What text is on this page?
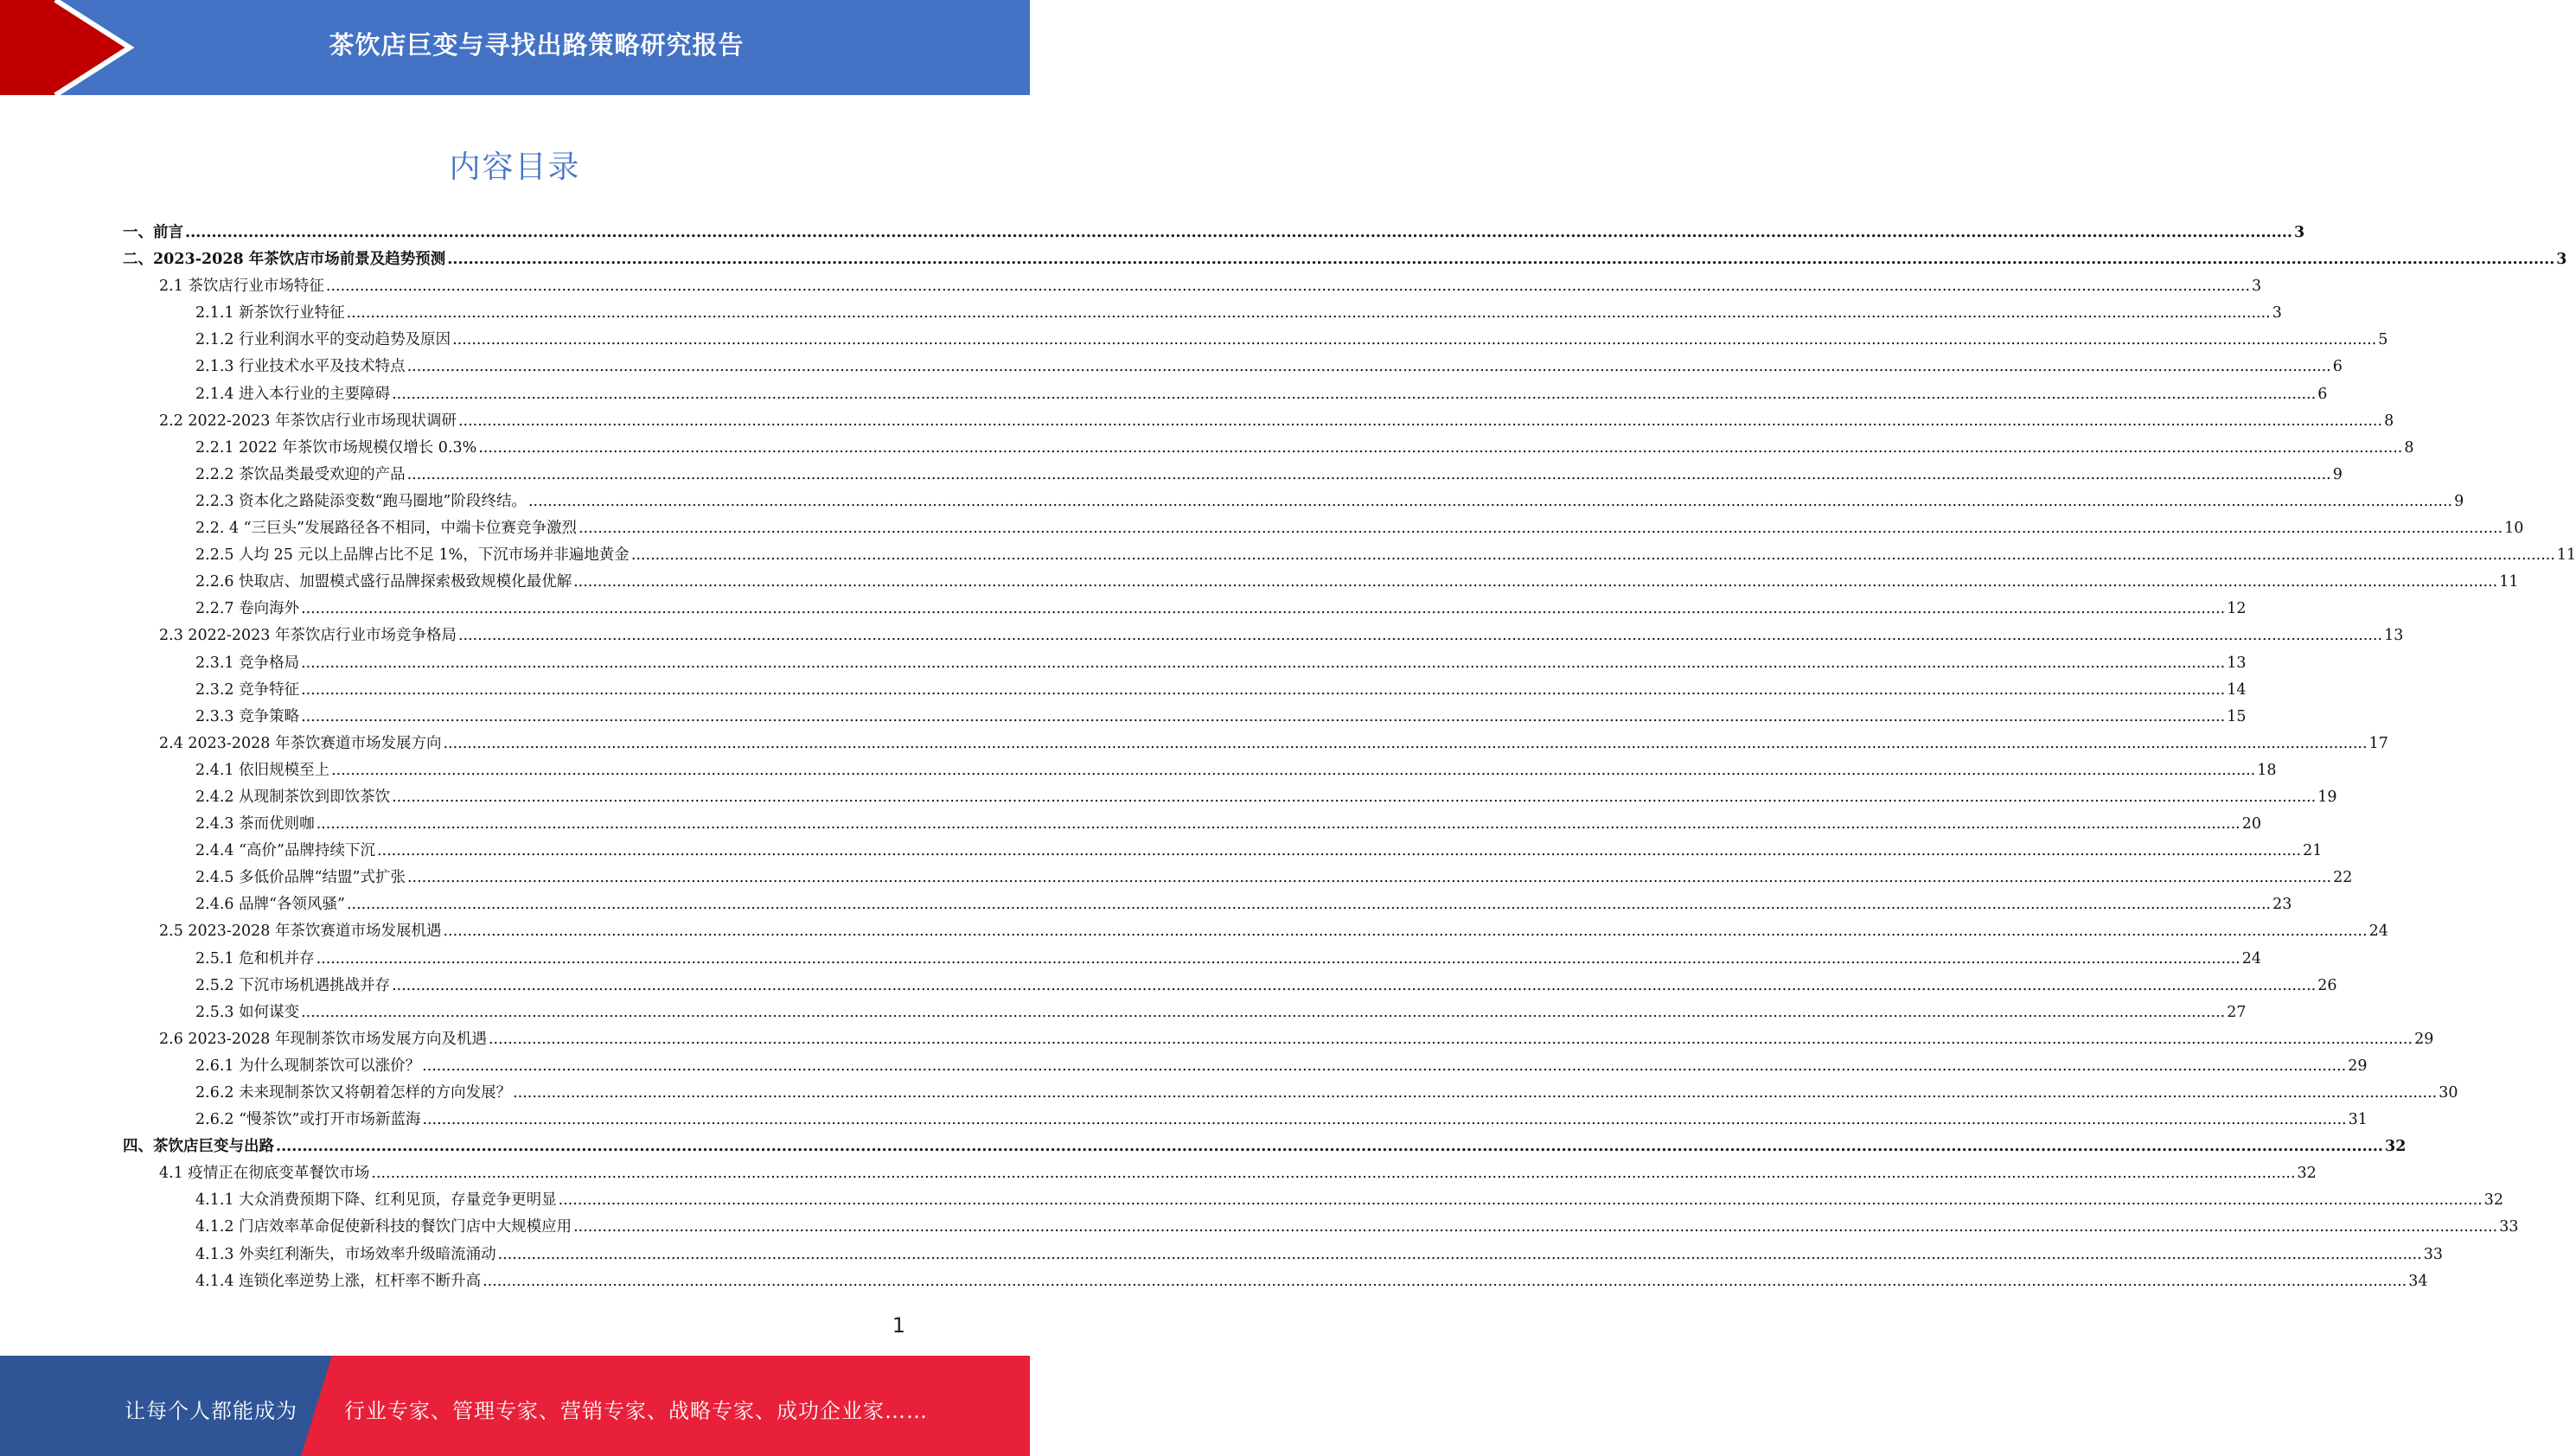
茶饮店巨变与寻找出路策略研究报告
内容目录
一、前言 ................................................................................................................................................................................................................................................................................................................................................................................................................ 3
二、2023-2028 年茶饮店市场前景及趋势预测 ................................................................................................................................................................................................................................................................................................................................................................................................................ 3
2.1 茶饮店行业市场特征 ................................................................................................................................................................................................................................................................................................................................................................................................................ 3
2.1.1 新茶饮行业特征 ................................................................................................................................................................................................................................................................................................................................................................................................................ 3
2.1.2 行业利润水平的变动趋势及原因 ................................................................................................................................................................................................................................................................................................................................................................................................................ 5
2.1.3 行业技术水平及技术特点 ................................................................................................................................................................................................................................................................................................................................................................................................................ 6
2.1.4 进入本行业的主要障碍 ................................................................................................................................................................................................................................................................................................................................................................................................................ 6
2.2 2022-2023 年茶饮店行业市场现状调研 ................................................................................................................................................................................................................................................................................................................................................................................................................ 8
2.2.1 2022 年茶饮市场规模仅增长 0.3% ................................................................................................................................................................................................................................................................................................................................................................................................................ 8
2.2.2 茶饮品类最受欢迎的产品 ................................................................................................................................................................................................................................................................................................................................................................................................................ 9
2.2.3 资本化之路陡添变数“跑马圈地”阶段终结。 ................................................................................................................................................................................................................................................................................................................................................................................................................ 9
2.2. 4 “三巨头”发展路径各不相同，中端卡位赛竞争激烈 ................................................................................................................................................................................................................................................................................................................................................................................................................ 10
2.2.5 人均 25 元以上品牌占比不足 1%，下沉市场并非遍地黄金 ................................................................................................................................................................................................................................................................................................................................................................................................................ 11
2.2.6 快取店、加盟模式盛行品牌探索极致规模化最优解 ................................................................................................................................................................................................................................................................................................................................................................................................................ 11
2.2.7 卷向海外 ................................................................................................................................................................................................................................................................................................................................................................................................................ 12
2.3 2022-2023 年茶饮店行业市场竞争格局 ................................................................................................................................................................................................................................................................................................................................................................................................................ 13
2.3.1 竞争格局 ................................................................................................................................................................................................................................................................................................................................................................................................................ 13
2.3.2 竞争特征 ................................................................................................................................................................................................................................................................................................................................................................................................................ 14
2.3.3 竞争策略 ................................................................................................................................................................................................................................................................................................................................................................................................................ 15
2.4 2023-2028 年茶饮赛道市场发展方向 ................................................................................................................................................................................................................................................................................................................................................................................................................ 17
2.4.1 依旧规模至上 ................................................................................................................................................................................................................................................................................................................................................................................................................ 18
2.4.2 从现制茶饮到即饮茶饮 ................................................................................................................................................................................................................................................................................................................................................................................................................ 19
2.4.3 茶而优则咖 ................................................................................................................................................................................................................................................................................................................................................................................................................ 20
2.4.4 “高价”品牌持续下沉 ................................................................................................................................................................................................................................................................................................................................................................................................................ 21
2.4.5 多低价品牌“结盟”式扩张 ................................................................................................................................................................................................................................................................................................................................................................................................................ 22
2.4.6 品牌“各领风骚” ................................................................................................................................................................................................................................................................................................................................................................................................................ 23
2.5 2023-2028 年茶饮赛道市场发展机遇 ................................................................................................................................................................................................................................................................................................................................................................................................................ 24
2.5.1 危和机并存 ................................................................................................................................................................................................................................................................................................................................................................................................................ 24
2.5.2 下沉市场机遇挑战并存 ................................................................................................................................................................................................................................................................................................................................................................................................................ 26
2.5.3 如何谋变 ................................................................................................................................................................................................................................................................................................................................................................................................................ 27
2.6 2023-2028 年现制茶饮市场发展方向及机遇 ................................................................................................................................................................................................................................................................................................................................................................................................................ 29
2.6.1 为什么现制茶饮可以涨价？ ................................................................................................................................................................................................................................................................................................................................................................................................................ 29
2.6.2 未来现制茶饮又将朝着怎样的方向发展？ ................................................................................................................................................................................................................................................................................................................................................................................................................ 30
2.6.2 “慢茶饮”或打开市场新蓝海 ................................................................................................................................................................................................................................................................................................................................................................................................................ 31
四、茶饮店巨变与出路 ................................................................................................................................................................................................................................................................................................................................................................................................................ 32
4.1 疫情正在彻底变革餐饮市场 ................................................................................................................................................................................................................................................................................................................................................................................................................ 32
4.1.1 大众消费预期下降、红利见顶，存量竞争更明显 ................................................................................................................................................................................................................................................................................................................................................................................................................ 32
4.1.2 门店效率革命促使新科技的餐饮门店中大规模应用 ................................................................................................................................................................................................................................................................................................................................................................................................................ 33
4.1.3 外卖红利渐失，市场效率升级暗流涌动 ................................................................................................................................................................................................................................................................................................................................................................................................................ 33
4.1.4 连锁化率逆势上涨，杠杆率不断升高 ................................................................................................................................................................................................................................................................................................................................................................................................................ 34
1
让每个人都能成为 行业专家、管理专家、营销专家、战略专家、成功企业家……
